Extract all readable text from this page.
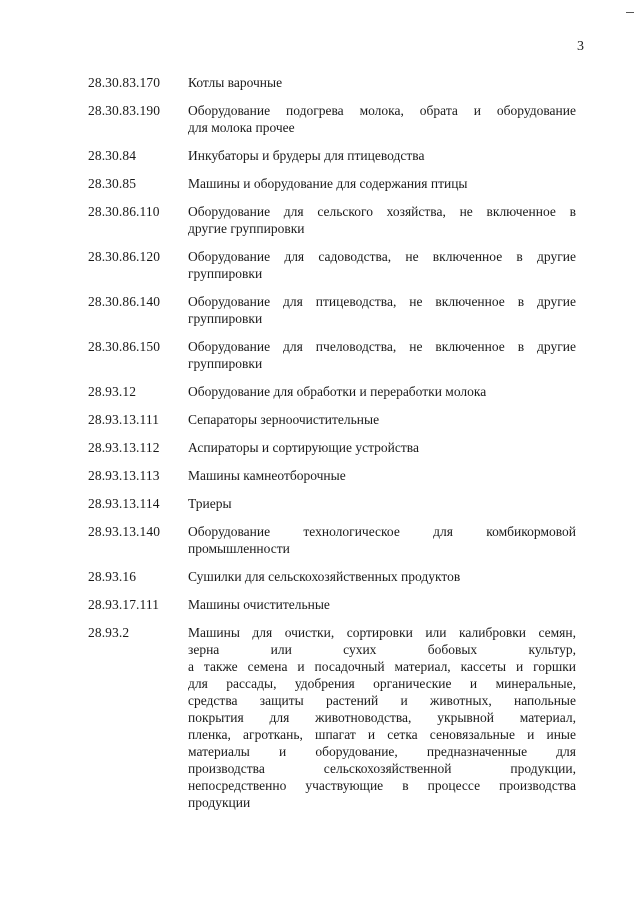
3
28.30.83.170	Котлы варочные
28.30.83.190	Оборудование подогрева молока, обрата и оборудование
для молока прочее
28.30.84	Инкубаторы и брудеры для птицеводства
28.30.85	Машины и оборудование для содержания птицы
28.30.86.110	Оборудование для сельского хозяйства, не включенное в
другие группировки
28.30.86.120	Оборудование для садоводства, не включенное в другие
группировки
28.30.86.140	Оборудование для птицеводства, не включенное в другие
группировки
28.30.86.150	Оборудование для пчеловодства, не включенное в другие
группировки
28.93.12	Оборудование для обработки и переработки молока
28.93.13.111	Сепараторы зерноочистительные
28.93.13.112	Аспираторы и сортирующие устройства
28.93.13.113	Машины камнеотборочные
28.93.13.114	Триеры
28.93.13.140	Оборудование технологическое для комбикормовой
промышленности
28.93.16	Сушилки для сельскохозяйственных продуктов
28.93.17.111	Машины очистительные
28.93.2	Машины для очистки, сортировки или калибровки семян,
зерна или сухих бобовых культур,
а также семена и посадочный материал, кассеты и горшки
для рассады, удобрения органические и минеральные,
средства защиты растений и животных, напольные
покрытия для животноводства, укрывной материал,
пленка, агроткань, шпагат и сетка сеновязальные и иные
материалы и оборудование, предназначенные для
производства сельскохозяйственной продукции,
непосредственно участвующие в процессе производства
продукции
